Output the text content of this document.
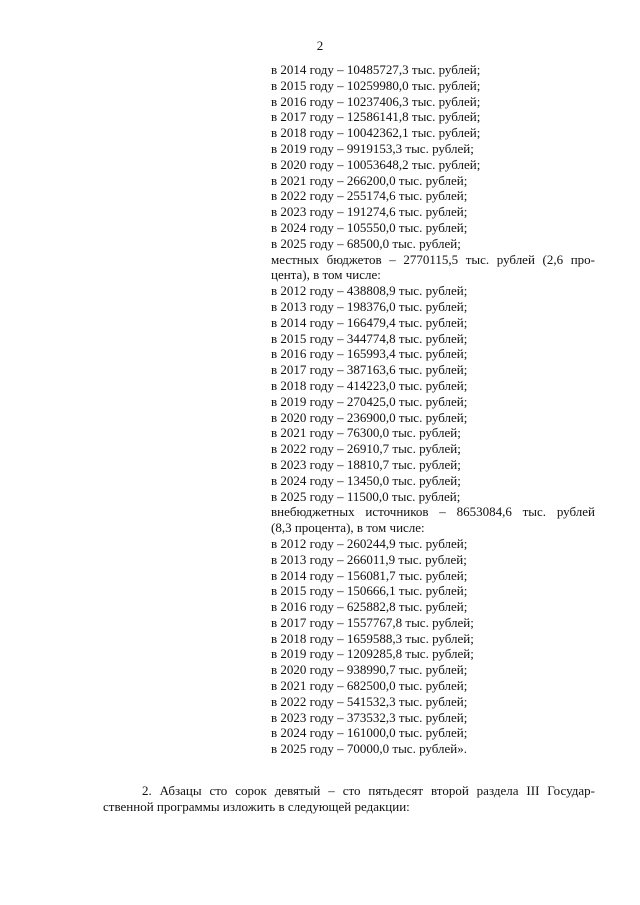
2
в 2014 году – 10485727,3 тыс. рублей;
в 2015 году – 10259980,0 тыс. рублей;
в 2016 году – 10237406,3 тыс. рублей;
в 2017 году – 12586141,8 тыс. рублей;
в 2018 году – 10042362,1 тыс. рублей;
в 2019 году – 9919153,3 тыс. рублей;
в 2020 году – 10053648,2 тыс. рублей;
в 2021 году – 266200,0 тыс. рублей;
в 2022 году – 255174,6 тыс. рублей;
в 2023 году – 191274,6 тыс. рублей;
в 2024 году – 105550,0 тыс. рублей;
в 2025 году – 68500,0 тыс. рублей;
местных бюджетов – 2770115,5 тыс. рублей (2,6 про-
цента), в том числе:
в 2012 году – 438808,9 тыс. рублей;
в 2013 году – 198376,0 тыс. рублей;
в 2014 году – 166479,4 тыс. рублей;
в 2015 году – 344774,8 тыс. рублей;
в 2016 году – 165993,4 тыс. рублей;
в 2017 году – 387163,6 тыс. рублей;
в 2018 году – 414223,0 тыс. рублей;
в 2019 году – 270425,0 тыс. рублей;
в 2020 году – 236900,0 тыс. рублей;
в 2021 году – 76300,0 тыс. рублей;
в 2022 году – 26910,7 тыс. рублей;
в 2023 году – 18810,7 тыс. рублей;
в 2024 году – 13450,0 тыс. рублей;
в 2025 году – 11500,0 тыс. рублей;
внебюджетных источников – 8653084,6 тыс. рублей
(8,3 процента), в том числе:
в 2012 году – 260244,9 тыс. рублей;
в 2013 году – 266011,9 тыс. рублей;
в 2014 году – 156081,7 тыс. рублей;
в 2015 году – 150666,1 тыс. рублей;
в 2016 году – 625882,8 тыс. рублей;
в 2017 году – 1557767,8 тыс. рублей;
в 2018 году – 1659588,3 тыс. рублей;
в 2019 году – 1209285,8 тыс. рублей;
в 2020 году – 938990,7 тыс. рублей;
в 2021 году – 682500,0 тыс. рублей;
в 2022 году – 541532,3 тыс. рублей;
в 2023 году – 373532,3 тыс. рублей;
в 2024 году – 161000,0 тыс. рублей;
в 2025 году – 70000,0 тыс. рублей».
2. Абзацы сто сорок девятый – сто пятьдесят второй раздела III Государ-
ственной программы изложить в следующей редакции:
